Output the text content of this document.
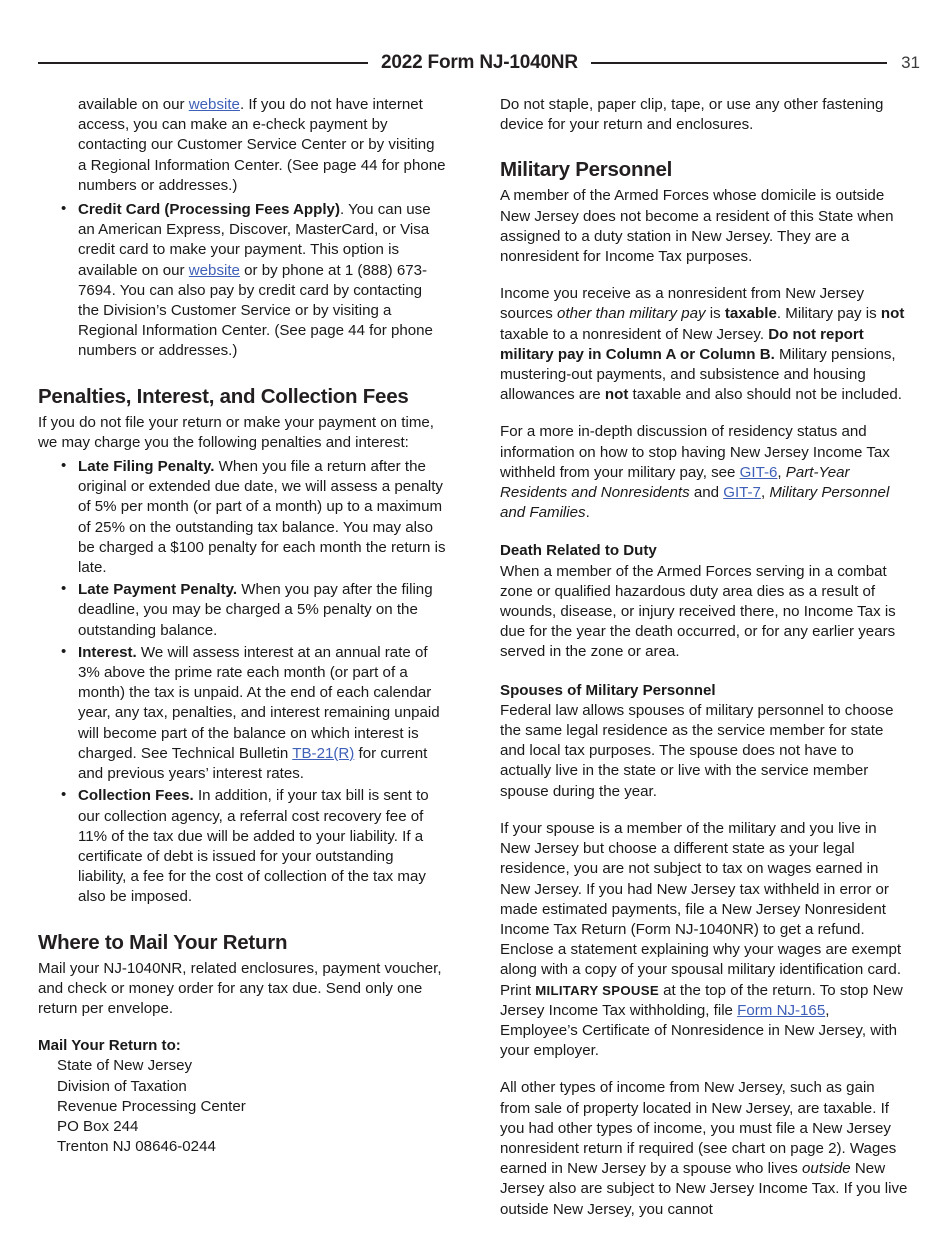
2022 Form NJ-1040NR	31
available on our website. If you do not have internet access, you can make an e-check payment by contacting our Customer Service Center or by visiting a Regional Information Center. (See page 44 for phone numbers or addresses.)
• Credit Card (Processing Fees Apply). You can use an American Express, Discover, MasterCard, or Visa credit card to make your payment. This option is available on our website or by phone at 1 (888) 673-7694. You can also pay by credit card by contacting the Division’s Customer Service or by visiting a Regional Information Center. (See page 44 for phone numbers or addresses.)
Penalties, Interest, and Collection Fees

If you do not file your return or make your payment on time, we may charge you the following penalties and interest:

• Late Filing Penalty. When you file a return after the original or extended due date, we will assess a penalty of 5% per month (or part of a month) up to a maximum of 25% on the outstanding tax balance. You may also be charged a $100 penalty for each month the return is late.
• Late Payment Penalty. When you pay after the filing deadline, you may be charged a 5% penalty on the outstanding balance.
• Interest. We will assess interest at an annual rate of 3% above the prime rate each month (or part of a month) the tax is unpaid. At the end of each calendar year, any tax, penalties, and interest remaining unpaid will become part of the balance on which interest is charged. See Technical Bulletin TB-21(R) for current and previous years’ interest rates.
• Collection Fees. In addition, if your tax bill is sent to our collection agency, a referral cost recovery fee of 11% of the tax due will be added to your liability. If a certificate of debt is issued for your outstanding liability, a fee for the cost of collection of the tax may also be imposed.
Where to Mail Your Return

Mail your NJ-1040NR, related enclosures, payment voucher, and check or money order for any tax due. Send only one return per envelope.

Mail Your Return to:
State of New Jersey
Division of Taxation
Revenue Processing Center
PO Box 244
Trenton NJ 08646-0244

Do not staple, paper clip, tape, or use any other fastening device for your return and enclosures.

Military Personnel

A member of the Armed Forces whose domicile is outside New Jersey does not become a resident of this State when assigned to a duty station in New Jersey. They are a nonresident for Income Tax purposes.

Income you receive as a nonresident from New Jersey sources other than military pay is taxable. Military pay is not taxable to a nonresident of New Jersey. Do not report military pay in Column A or Column B. Military pensions, mustering-out payments, and subsistence and housing allowances are not taxable and also should not be included.

For a more in-depth discussion of residency status and information on how to stop having New Jersey Income Tax withheld from your military pay, see GIT-6, Part-Year Residents and Nonresidents and GIT-7, Military Personnel and Families.

Death Related to Duty

When a member of the Armed Forces serving in a combat zone or qualified hazardous duty area dies as a result of wounds, disease, or injury received there, no Income Tax is due for the year the death occurred, or for any earlier years served in the zone or area.

Spouses of Military Personnel

Federal law allows spouses of military personnel to choose the same legal residence as the service member for state and local tax purposes. The spouse does not have to actually live in the state or live with the service member spouse during the year.

If your spouse is a member of the military and you live in New Jersey but choose a different state as your legal residence, you are not subject to tax on wages earned in New Jersey. If you had New Jersey tax withheld in error or made estimated payments, file a New Jersey Nonresident Income Tax Return (Form NJ-1040NR) to get a refund. Enclose a statement explaining why your wages are exempt along with a copy of your spousal military identification card. Print MILITARY SPOUSE at the top of the return. To stop New Jersey Income Tax withholding, file Form NJ-165, Employee’s Certificate of Nonresidence in New Jersey, with your employer.

All other types of income from New Jersey, such as gain from sale of property located in New Jersey, are taxable. If you had other types of income, you must file a New Jersey nonresident return if required (see chart on page 2). Wages earned in New Jersey by a spouse who lives outside New Jersey also are subject to New Jersey Income Tax. If you live outside New Jersey, you cannot
